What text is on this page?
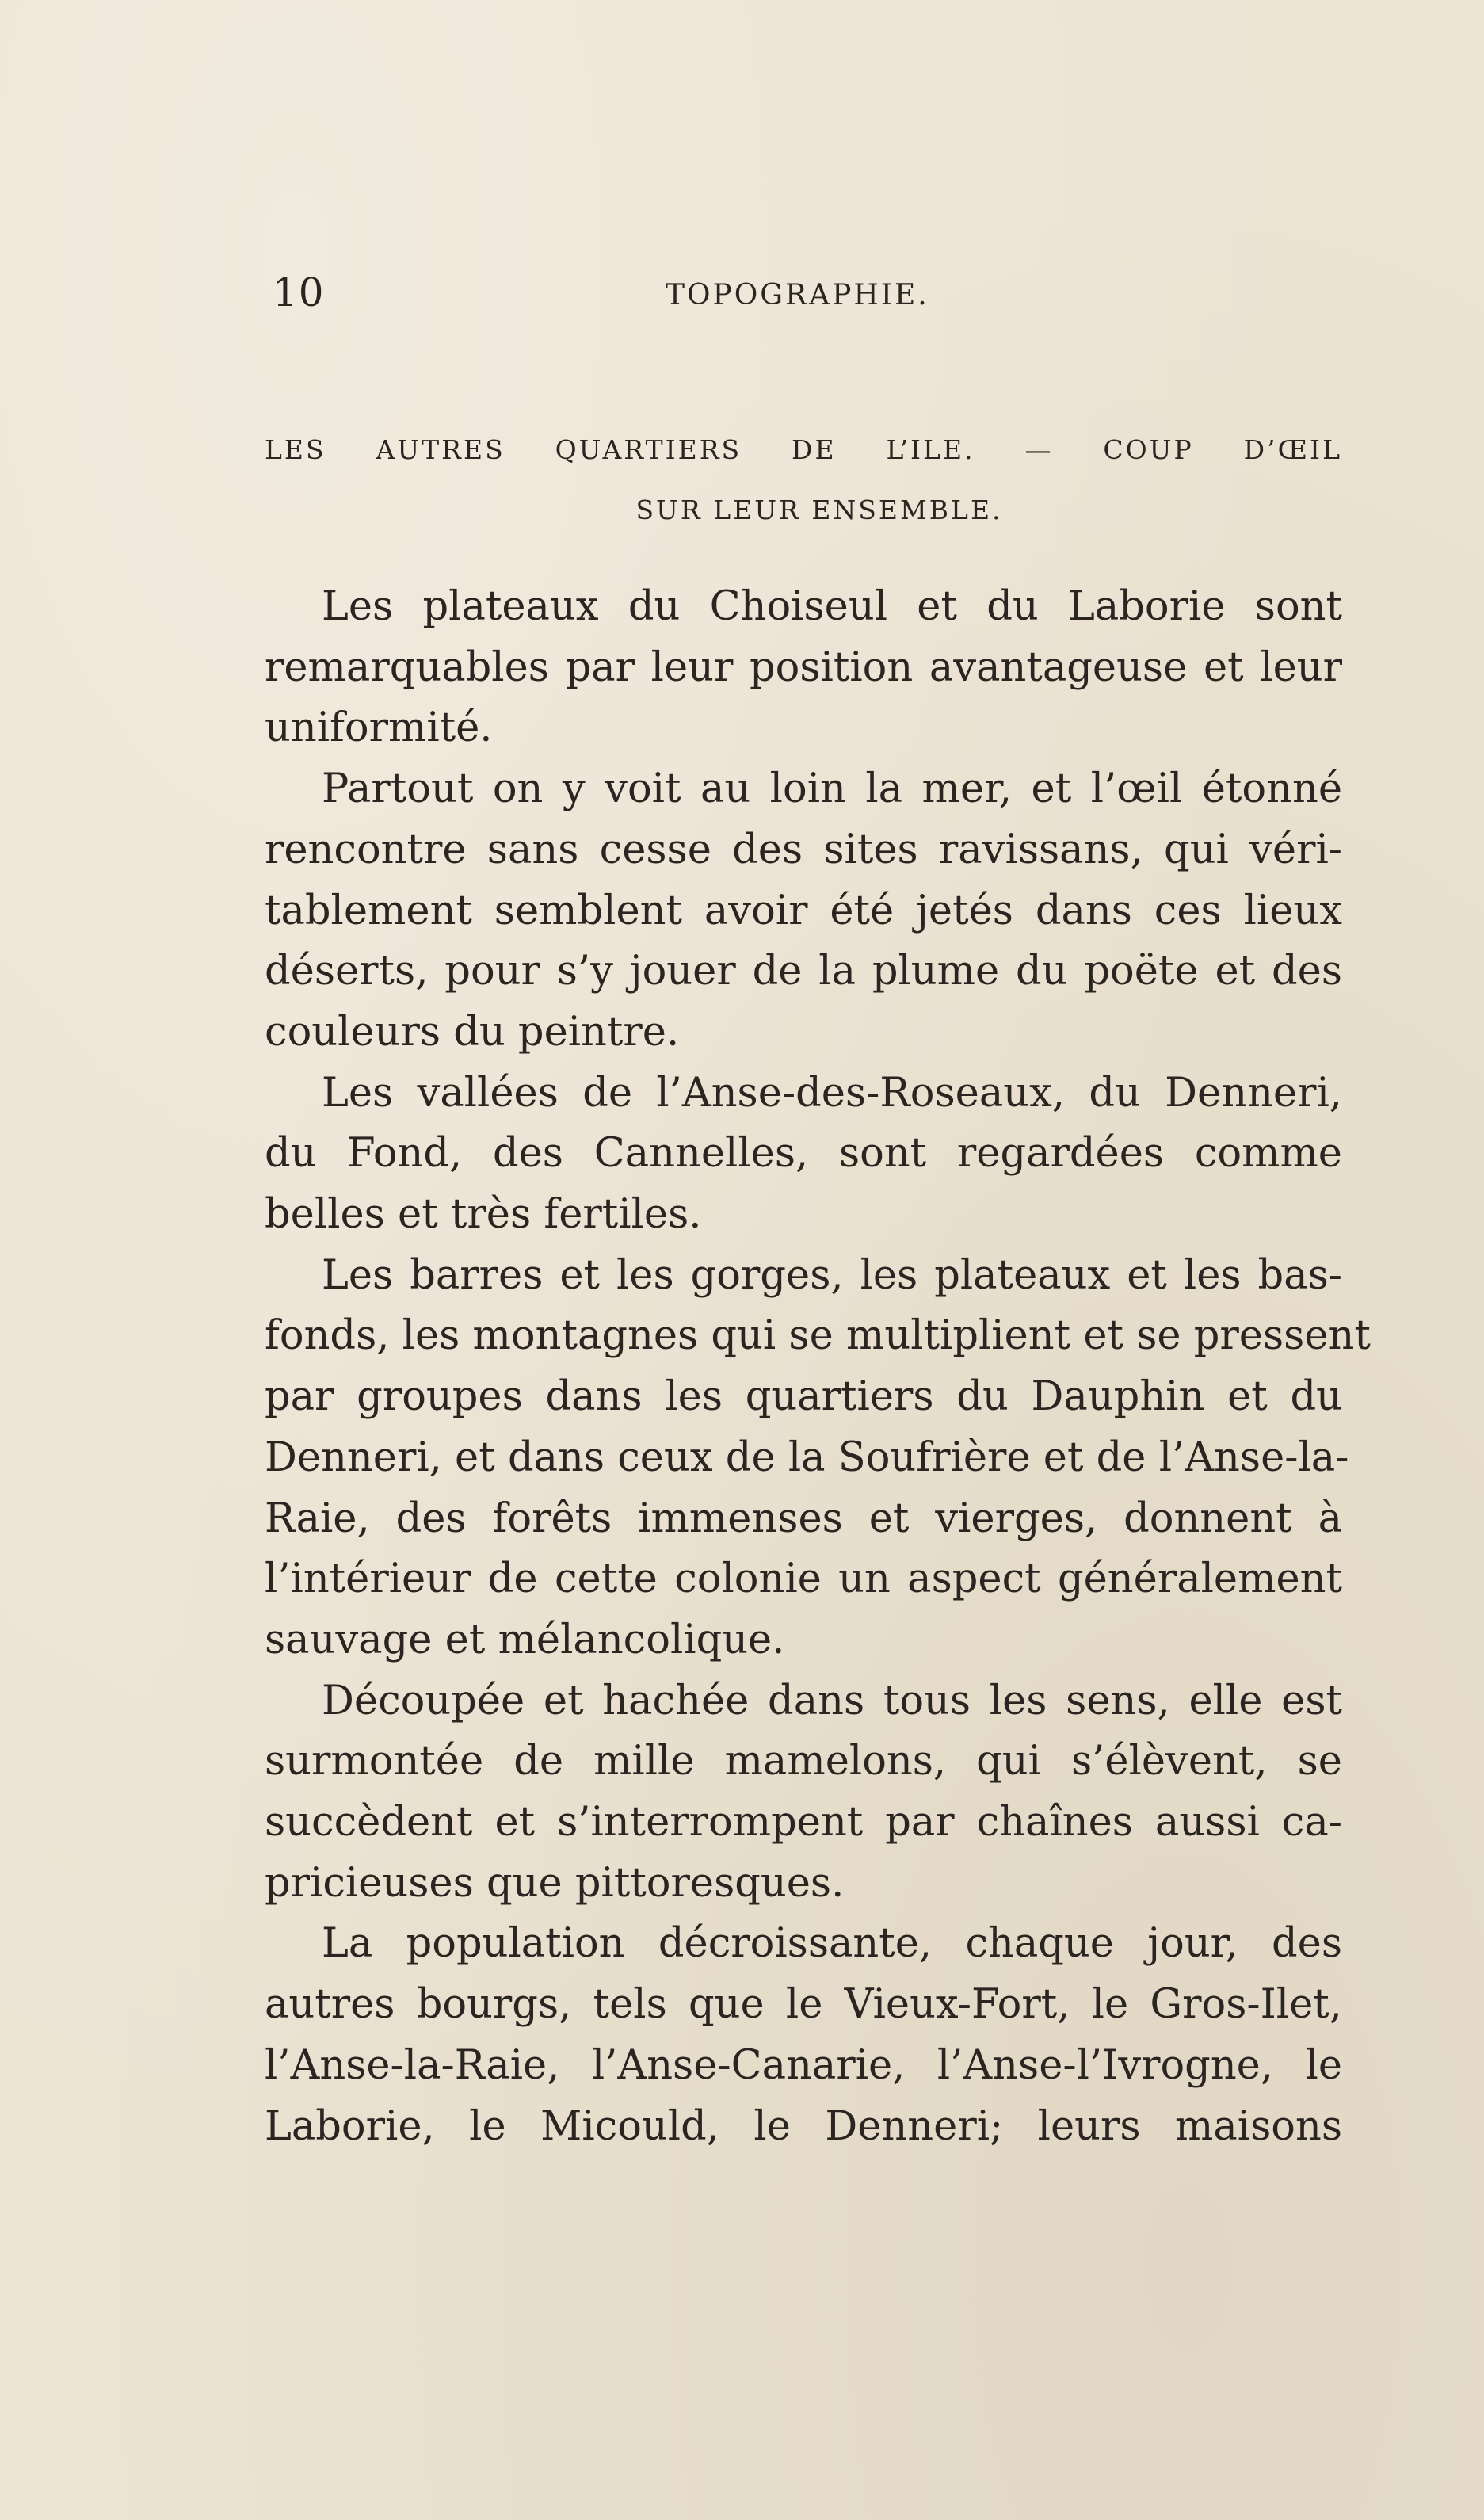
10	TOPOGRAPHIE.
LES AUTRES QUARTIERS DE L’ILE. — COUP D’ŒIL
SUR LEUR ENSEMBLE.

Les plateaux du Choiseul et du Laborie sont
remarquables par leur position avantageuse et leur
uniformité.

Partout on y voit au loin la mer, et l’œil étonné
rencontre sans cesse des sites ravissans, qui véri-
tablement semblent avoir été jetés dans ces lieux
déserts, pour s’y jouer de la plume du poëte et des
couleurs du peintre.

Les vallées de l’Anse-des-Roseaux, du Denneri,
du Fond, des Cannelles, sont regardées comme
belles et très fertiles.

Les barres et les gorges, les plateaux et les bas-
fonds, les montagnes qui se multiplient et se pressent
par groupes dans les quartiers du Dauphin et du
Denneri, et dans ceux de la Soufrière et de l’Anse-la-
Raie, des forêts immenses et vierges, donnent à
l’intérieur de cette colonie un aspect généralement
sauvage et mélancolique.

Découpée et hachée dans tous les sens, elle est
surmontée de mille mamelons, qui s’élèvent, se
succèdent et s’interrompent par chaînes aussi ca-
pricieuses que pittoresques.

La population décroissante, chaque jour, des
autres bourgs, tels que le Vieux-Fort, le Gros-Ilet,
l’Anse-la-Raie, l’Anse-Canarie, l’Anse-l’Ivrogne, le
Laborie, le Micould, le Denneri; leurs maisons
